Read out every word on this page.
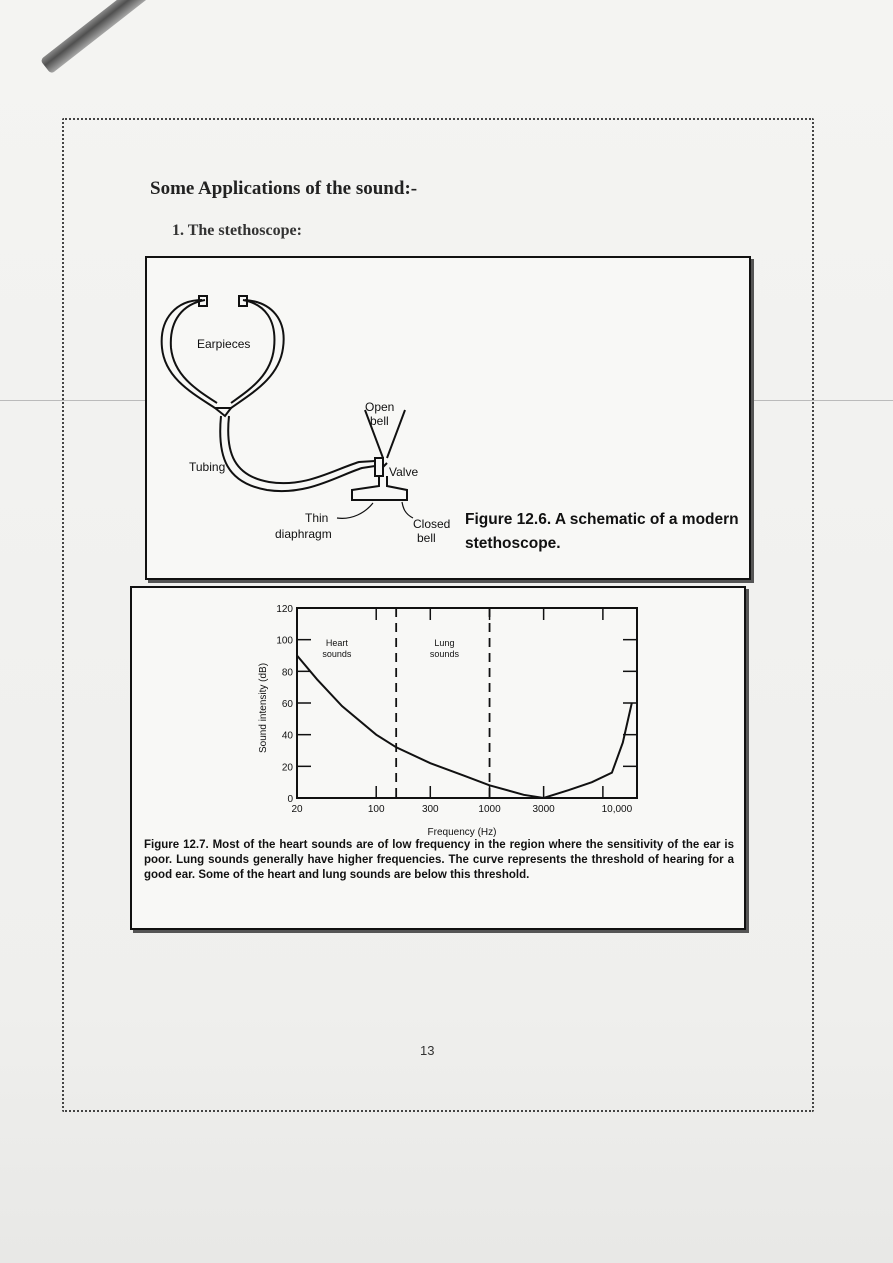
Some Applications of the sound:-
1. The stethoscope:
Earpieces
Tubing
Open
bell
Valve
Thin
diaphragm
Closed
bell
Figure 12.6. A schematic of a modern stethoscope.
0
20
40
60
80
100
120
20	100	300	1000	3000	10,000
Heart
sounds
Lung
sounds
Sound intensity (dB)
Frequency (Hz)
Figure 12.7. Most of the heart sounds are of low frequency in the region where the sensitivity of the ear is poor. Lung sounds generally have higher frequencies. The curve represents the threshold of hearing for a good ear. Some of the heart and lung sounds are below this threshold.
13
